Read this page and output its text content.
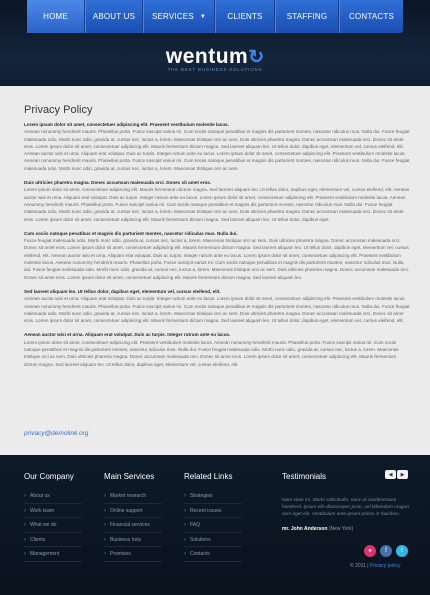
HOME	ABOUT US SERVICES ▼	CLIENTS	STAFFING	CONTACTS
wentum↻
THE BEST BUSINESS SOLUTIONS
Privacy Policy
Lorem ipsum dolor sit amet, consectetuer adipiscing elit. Praesent vestibulum molestie lacus.
Aenean nonummy hendrerit mauris. Phasellus porta. Fusce suscipit varius mi. Cum sociis natoque penatibus et magnis dis parturient montes, nascetur ridiculus mus. Nulla dui. Fusce feugiat malesuada odio. Morbi nunc odio, gravida at, cursus nec, luctus a, lorem. Maecenas tristique orci ac sem. Duis ultricies pharetra magna. Donec accumsan malesuada orci. Donec sit amet eros. Lorem ipsum dolor sit amet, consectetuer adipiscing elit. Mauris fermentum dictum magna. Sed laoreet aliquam leo. Ut tellus dolor, dapibus eget, elementum vel, cursus eleifend, elit. Aenean auctor wisi et urna. Aliquam erat volutpat. Duis ac turpis. Integer rutrum ante eu lacus. Lorem ipsum dolor sit amet, consectetuer adipiscing elit. Praesent vestibulum molestie lacus. Aenean nonummy hendrerit mauris. Phasellus porta. Fusce suscipit varius mi. Cum sociis natoque penatibus et magnis dis parturient montes, nascetur ridiculus mus. Nulla dui. Fusce feugiat malesuada odio. Morbi nunc odio, gravida at, cursus nec, luctus a, lorem. Maecenas tristique orci ac sem.
Duis ultricies pharetra magna. Donec accumsan malesuada orci. Donec sit amet eros.
Lorem ipsum dolor sit amet, consectetuer adipiscing elit. Mauris fermentum dictum magna. Sed laoreet aliquam leo. Ut tellus dolor, dapibus eget, elementum vel, cursus eleifend, elit. Aenean auctor wisi et urna. Aliquam erat volutpat. Duis ac turpis. Integer rutrum ante eu lacus. Lorem ipsum dolor sit amet, consectetuer adipiscing elit. Praesent vestibulum molestie lacus. Aenean nonummy hendrerit mauris. Phasellus porta. Fusce suscipit varius mi. Cum sociis natoque penatibus et magnis dis parturient montes, nascetur ridiculus mus. Nulla dui. Fusce feugiat malesuada odio. Morbi nunc odio, gravida at, cursus nec, luctus a, lorem. Maecenas tristique orci ac sem. Duis ultricies pharetra magna. Donec accumsan malesuada orci. Donec sit amet eros. Lorem ipsum dolor sit amet, consectetuer adipiscing elit. Mauris fermentum dictum magna. Sed laoreet aliquam leo. Ut tellus dolor, dapibus eget.
Cum sociis natoque penatibus et magnis dis parturient montes, nascetur ridiculus mus. Nulla dui.
Fusce feugiat malesuada odio. Morbi nunc odio, gravida at, cursus nec, luctus a, lorem. Maecenas tristique orci ac sem. Duis ultricies pharetra magna. Donec accumsan malesuada orci. Donec sit amet eros. Lorem ipsum dolor sit amet, consectetuer adipiscing elit. Mauris fermentum dictum magna. Sed laoreet aliquam leo. Ut tellus dolor, dapibus eget, elementum vel, cursus eleifend, elit. Aenean auctor wisi et urna. Aliquam erat volutpat. Duis ac turpis. Integer rutrum ante eu lacus. Lorem ipsum dolor sit amet, consectetuer adipiscing elit. Praesent vestibulum molestie lacus. Aenean nonummy hendrerit mauris. Phasellus porta. Fusce suscipit varius mi. Cum sociis natoque penatibus et magnis dis parturient montes, nascetur ridiculus mus. Nulla dui. Fusce feugiat malesuada odio. Morbi nunc odio, gravida at, cursus nec, luctus a, lorem. Maecenas tristique orci ac sem. Duis ultricies pharetra magna. Donec accumsan malesuada orci. Donec sit amet eros. Lorem ipsum dolor sit amet, consectetuer adipiscing elit. Mauris fermentum dictum magna. Sed laoreet aliquam leo.
Sed laoreet aliquam leo. Ut tellus dolor, dapibus eget, elementum vel, cursus eleifend, elit.
Aenean auctor wisi et urna. Aliquam erat volutpat. Duis ac turpis. Integer rutrum ante eu lacus. Lorem ipsum dolor sit amet, consectetuer adipiscing elit. Praesent vestibulum molestie lacus. Aenean nonummy hendrerit mauris. Phasellus porta. Fusce suscipit varius mi. Cum sociis natoque penatibus et magnis dis parturient montes, nascetur ridiculus mus. Nulla dui. Fusce feugiat malesuada odio. Morbi nunc odio, gravida at, cursus nec, luctus a, lorem. Maecenas tristique orci ac sem. Duis ultricies pharetra magna. Donec accumsan malesuada orci. Donec sit amet eros. Lorem ipsum dolor sit amet, consectetuer adipiscing elit. Mauris fermentum dictum magna. Sed laoreet aliquam leo. Ut tellus dolor, dapibus eget, elementum vel, cursus eleifend, elit.
Aenean auctor wisi et urna. Aliquam erat volutpat. Duis ac turpis. Integer rutrum ante eu lacus.
Lorem ipsum dolor sit amet, consectetuer adipiscing elit. Praesent vestibulum molestie lacus. Aenean nonummy hendrerit mauris. Phasellus porta. Fusce suscipit varius mi. Cum sociis natoque penatibus et magnis dis parturient montes, nascetur ridiculus mus. Nulla dui. Fusce feugiat malesuada odio. Morbi nunc odio, gravida at, cursus nec, luctus a, lorem. Maecenas tristique orci ac sem. Duis ultricies pharetra magna. Donec accumsan malesuada orci. Donec sit amet eros. Lorem ipsum dolor sit amet, consectetuer adipiscing elit. Mauris fermentum dictum magna. Sed laoreet aliquam leo. Ut tellus dolor, dapibus eget, elementum vel, cursus eleifend, elit.
privacy@demolink.org
Our Company
› About us
› Work team
› What we do
› Clients
› Management
Main Services
› Market research
› Online support
› Financial services
› Business help
› Premises
Related Links
› Strategies
› Recent issues
› FAQ
› Solutions
› Contacts
Testimonials	◀	▶
Nam vitae mi. Morbi sollicitudin, nunc id condimentum hendrerit, ipsum elit ullamcorper justo, vel bibendum magna sem eget elit. Vestibulum ante ipsum primis in faucibus.
mr. John Anderson (New York)
●	f	t
© 2011 | Privacy policy
